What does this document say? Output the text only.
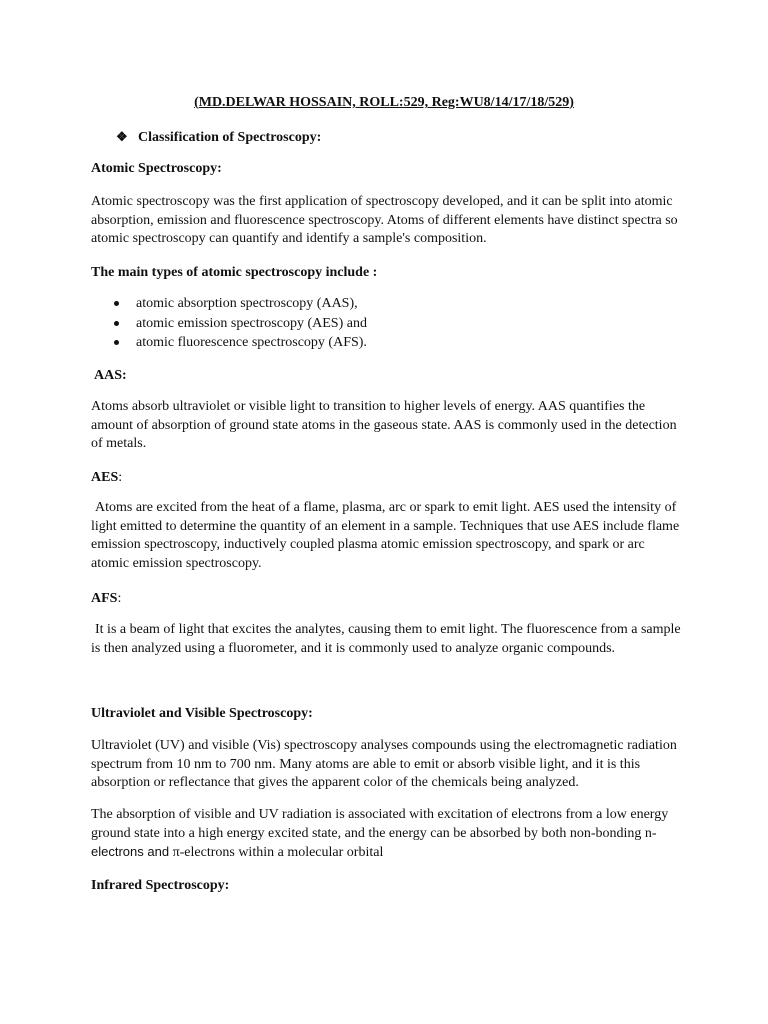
(MD.DELWAR HOSSAIN, ROLL:529, Reg:WU8/14/17/18/529)
❖ Classification of Spectroscopy:
Atomic Spectroscopy:
Atomic spectroscopy was the first application of spectroscopy developed, and it can be split into atomic
absorption, emission and fluorescence spectroscopy. Atoms of different elements have distinct spectra so
atomic spectroscopy can quantify and identify a sample's composition.
The main types of atomic spectroscopy include :
atomic absorption spectroscopy (AAS),
atomic emission spectroscopy (AES) and
atomic fluorescence spectroscopy (AFS).
AAS:
Atoms absorb ultraviolet or visible light to transition to higher levels of energy. AAS quantifies the
amount of absorption of ground state atoms in the gaseous state. AAS is commonly used in the detection
of metals.
AES:
Atoms are excited from the heat of a flame, plasma, arc or spark to emit light. AES used the intensity of
light emitted to determine the quantity of an element in a sample. Techniques that use AES include flame
emission spectroscopy, inductively coupled plasma atomic emission spectroscopy, and spark or arc
atomic emission spectroscopy.
AFS:
It is a beam of light that excites the analytes, causing them to emit light. The fluorescence from a sample
is then analyzed using a fluorometer, and it is commonly used to analyze organic compounds.
Ultraviolet and Visible Spectroscopy:
Ultraviolet (UV) and visible (Vis) spectroscopy analyses compounds using the electromagnetic radiation
spectrum from 10 nm to 700 nm. Many atoms are able to emit or absorb visible light, and it is this
absorption or reflectance that gives the apparent color of the chemicals being analyzed.
The absorption of visible and UV radiation is associated with excitation of electrons from a low energy
ground state into a high energy excited state, and the energy can be absorbed by both non-bonding n-
electrons and π-electrons within a molecular orbital
Infrared Spectroscopy:
